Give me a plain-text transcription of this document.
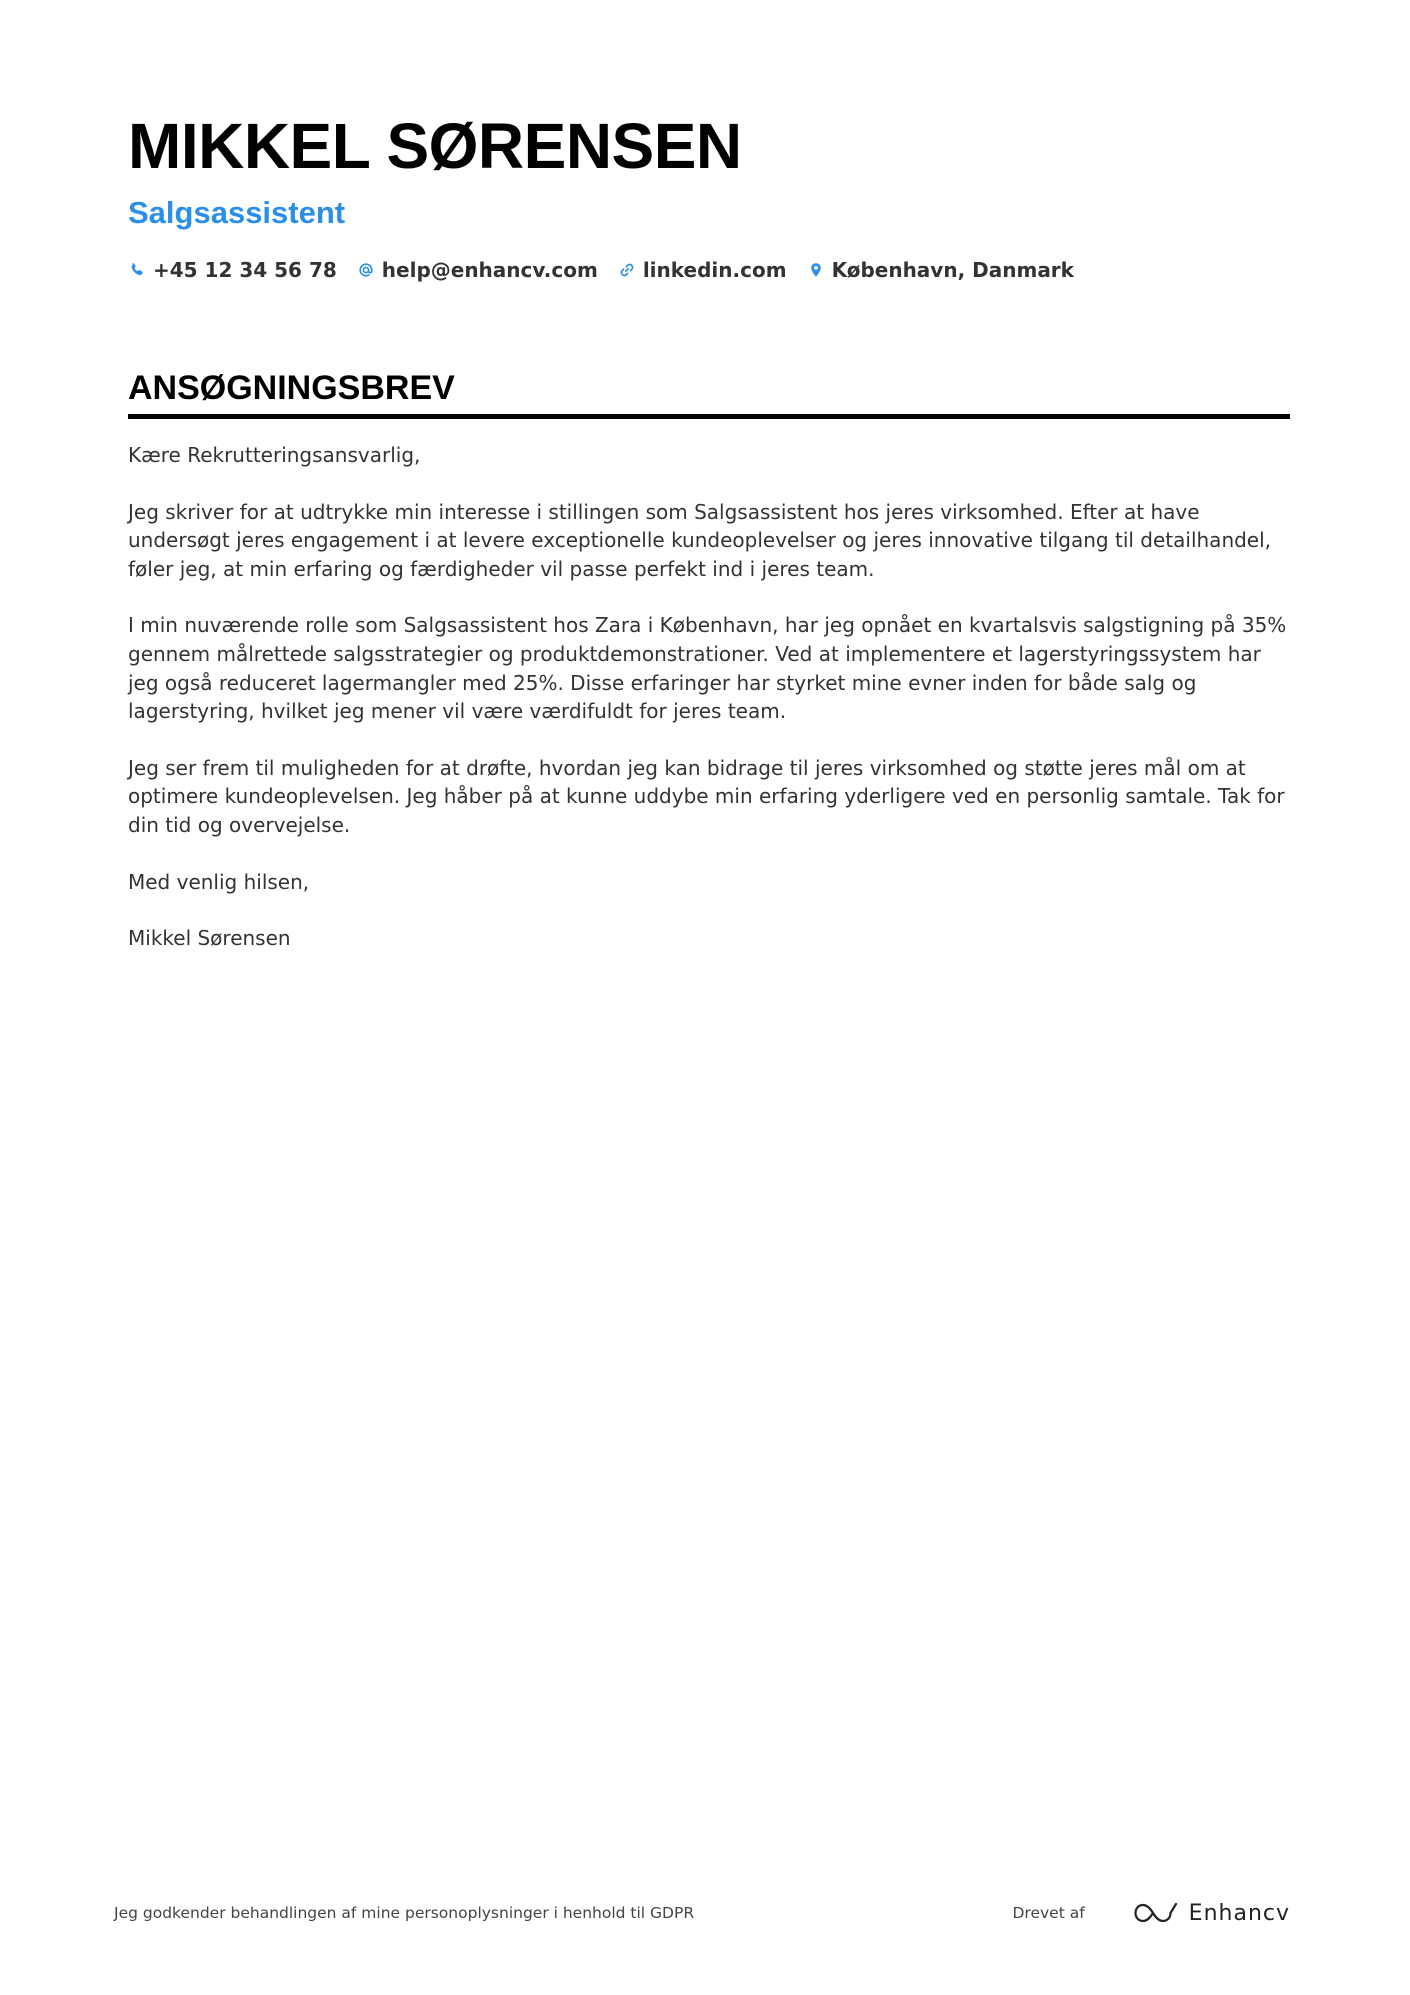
MIKKEL SØRENSEN
Salgsassistent
+45 12 34 56 78 help@enhancv.com linkedin.com København, Danmark
ANSØGNINGSBREV

Kære Rekrutteringsansvarlig,

Jeg skriver for at udtrykke min interesse i stillingen som Salgsassistent hos jeres virksomhed. Efter at have undersøgt jeres engagement i at levere exceptionelle kundeoplevelser og jeres innovative tilgang til detailhandel, føler jeg, at min erfaring og færdigheder vil passe perfekt ind i jeres team.

I min nuværende rolle som Salgsassistent hos Zara i København, har jeg opnået en kvartalsvis salgstigning på 35% gennem målrettede salgsstrategier og produktdemonstrationer. Ved at implementere et lagerstyringssystem har jeg også reduceret lagermangler med 25%. Disse erfaringer har styrket mine evner inden for både salg og lagerstyring, hvilket jeg mener vil være værdifuldt for jeres team.

Jeg ser frem til muligheden for at drøfte, hvordan jeg kan bidrage til jeres virksomhed og støtte jeres mål om at optimere kundeoplevelsen. Jeg håber på at kunne uddybe min erfaring yderligere ved en personlig samtale. Tak for din tid og overvejelse.

Med venlig hilsen,

Mikkel Sørensen

Jeg godkender behandlingen af mine personoplysninger i henhold til GDPR	Drevet af	Enhancv
